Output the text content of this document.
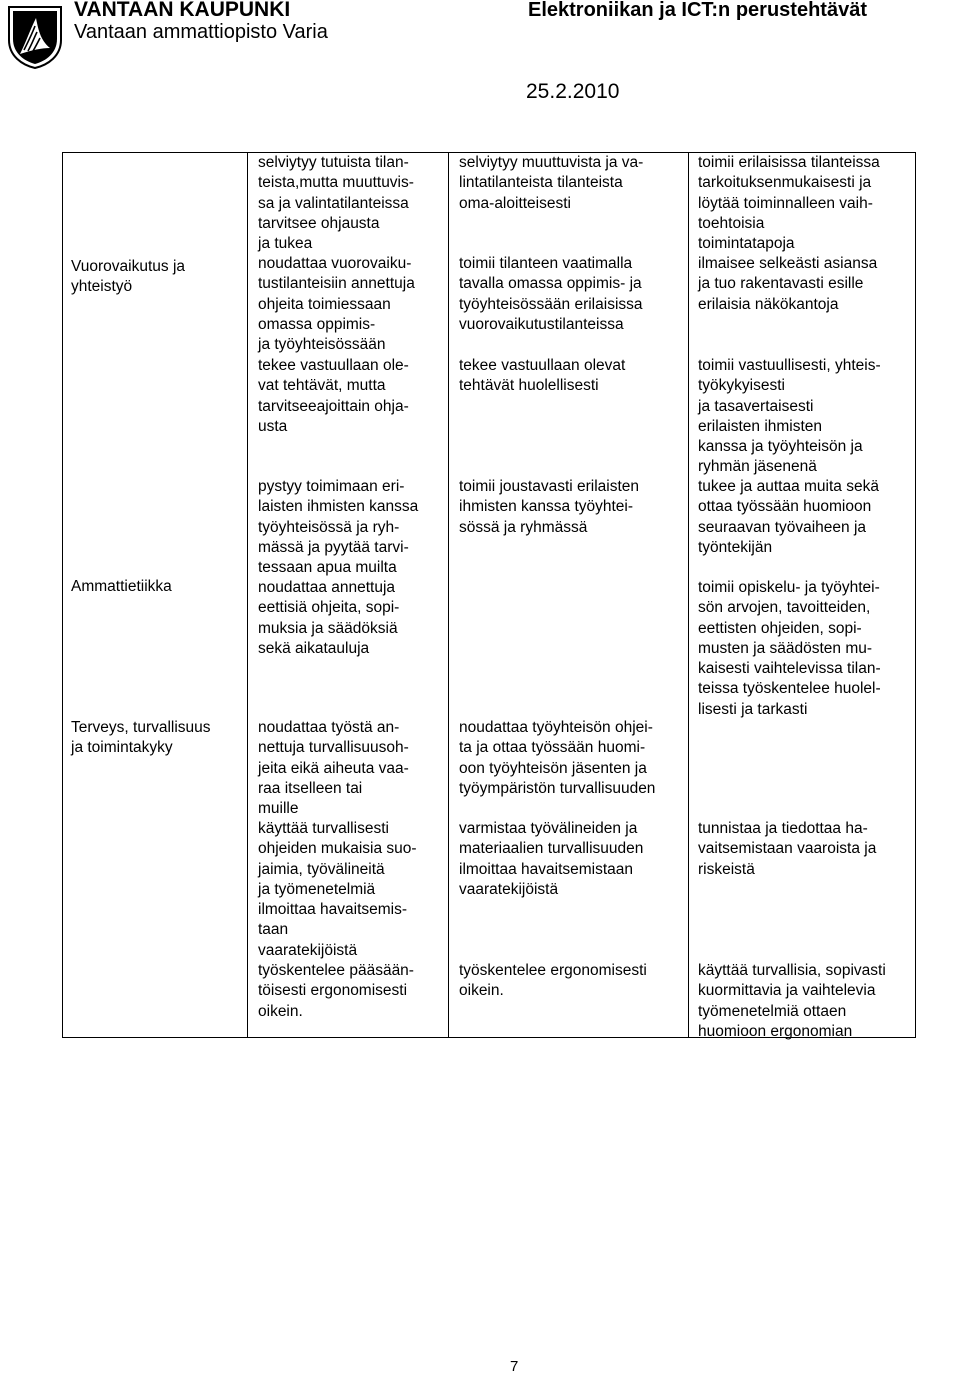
VANTAAN KAUPUNKI
Vantaan ammattiopisto Varia
Elektroniikan ja ICT:n perustehtävät
25.2.2010
Vuorovaikutus ja
yhteistyö
Ammattietiikka
Terveys, turvallisuus
ja toimintakyky
selviytyy tutuista tilan-
teista,mutta muuttuvis-
sa ja valintatilanteissa
tarvitsee ohjausta
ja tukea
noudattaa vuorovaiku-
tustilanteisiin annettuja
ohjeita toimiessaan
omassa oppimis-
ja työyhteisössään
tekee vastuullaan ole-
vat tehtävät, mutta
tarvitseeajoittain ohja-
usta
pystyy toimimaan eri-
laisten ihmisten kanssa
työyhteisössä ja ryh-
mässä ja pyytää tarvi-
tessaan apua muilta
noudattaa annettuja
eettisiä ohjeita, sopi-
muksia ja säädöksiä
sekä aikatauluja
noudattaa työstä an-
nettuja turvallisuusoh-
jeita eikä aiheuta vaa-
raa itselleen tai
muille
käyttää turvallisesti
ohjeiden mukaisia suo-
jaimia, työvälineitä
ja työmenetelmiä
ilmoittaa havaitsemis-
taan
vaaratekijöistä
työskentelee pääsään-
töisesti ergonomisesti
oikein.
selviytyy muuttuvista ja va-
lintatilanteista tilanteista
oma-aloitteisesti
toimii tilanteen vaatimalla
tavalla omassa oppimis- ja
työyhteisössään erilaisissa
vuorovaikutustilanteissa
tekee vastuullaan olevat
tehtävät huolellisesti
toimii joustavasti erilaisten
ihmisten kanssa työyhtei-
sössä ja ryhmässä
noudattaa työyhteisön ohjei-
ta ja ottaa työssään huomi-
oon työyhteisön jäsenten ja
työympäristön turvallisuuden
varmistaa työvälineiden ja
materiaalien turvallisuuden
ilmoittaa havaitsemistaan
vaaratekijöistä
työskentelee ergonomisesti
oikein.
toimii erilaisissa tilanteissa
tarkoituksenmukaisesti ja
löytää toiminnalleen vaih-
toehtoisia
toimintatapoja
ilmaisee selkeästi asiansa
ja tuo rakentavasti esille
erilaisia näkökantoja
toimii vastuullisesti, yhteis-
työkykyisesti
ja tasavertaisesti
erilaisten ihmisten
kanssa ja työyhteisön ja
ryhmän jäsenenä
tukee ja auttaa muita sekä
ottaa työssään huomioon
seuraavan työvaiheen ja
työntekijän
toimii opiskelu- ja työyhtei-
sön arvojen, tavoitteiden,
eettisten ohjeiden, sopi-
musten ja säädösten mu-
kaisesti vaihtelevissa tilan-
teissa työskentelee huolel-
lisesti ja tarkasti
tunnistaa ja tiedottaa ha-
vaitsemistaan vaaroista ja
riskeistä
käyttää turvallisia, sopivasti
kuormittavia ja vaihtelevia
työmenetelmiä ottaen
huomioon ergonomian
7
